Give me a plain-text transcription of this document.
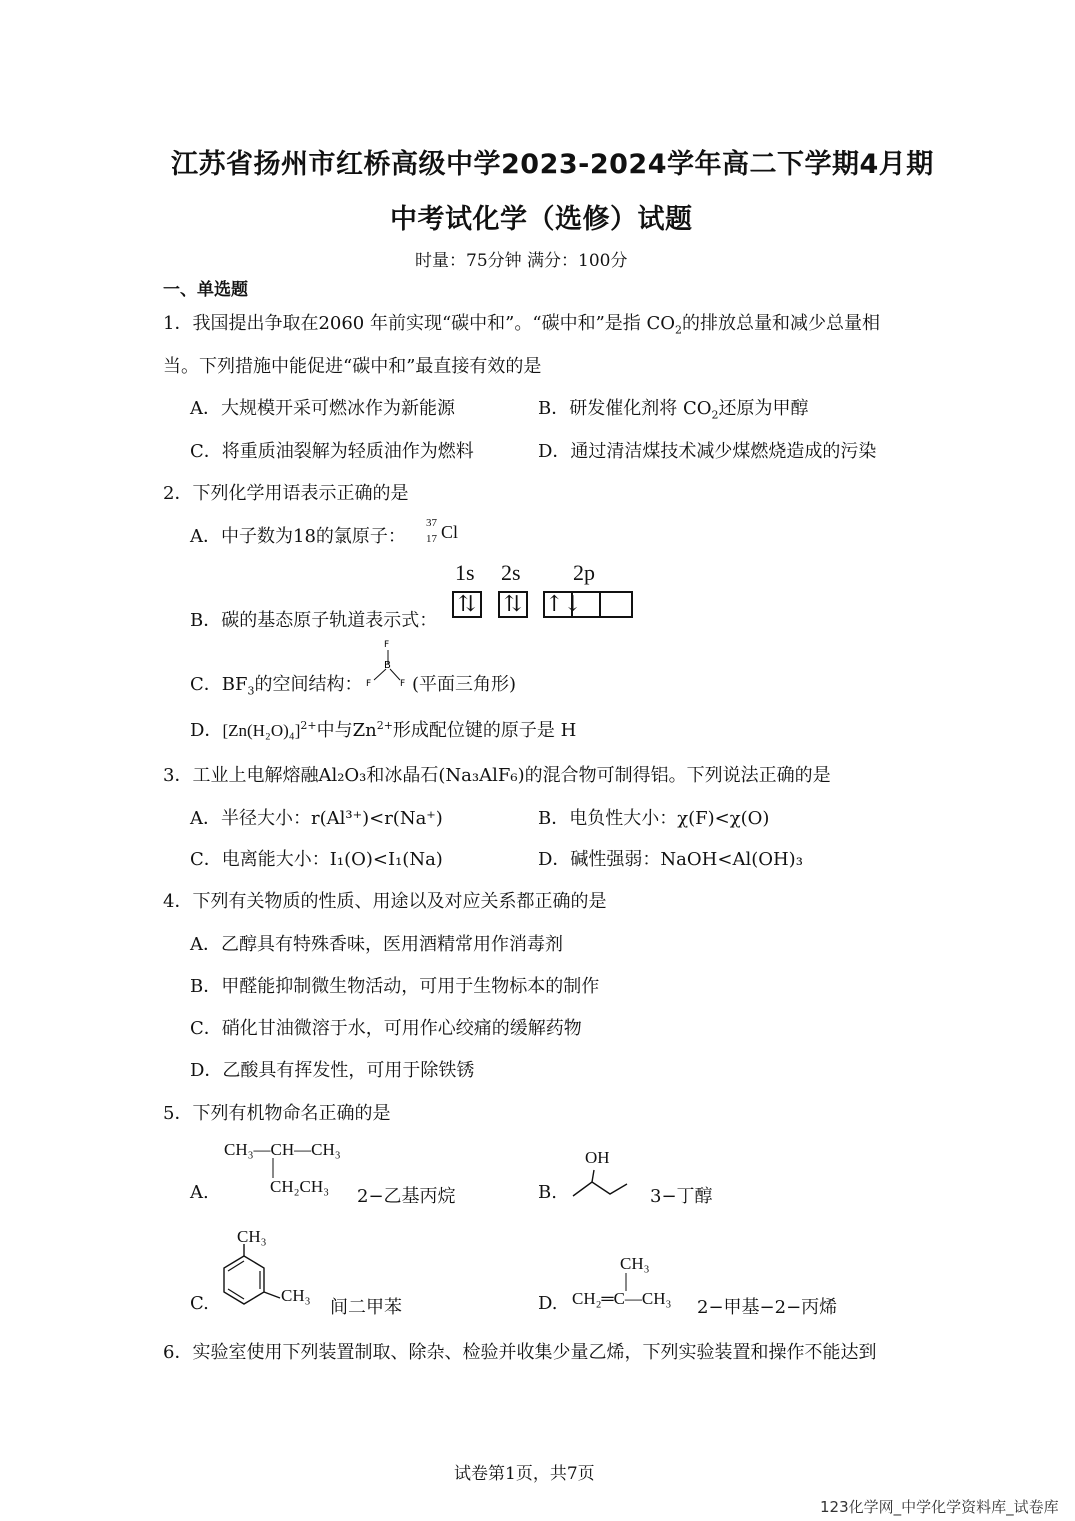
江苏省扬州市红桥高级中学2023-2024学年高二下学期4月期
中考试化学（选修）试题
时量：75分钟 满分：100分
一、单选题
1．我国提出争取在2060 年前实现“碳中和”。“碳中和”是指 $CO_2$的排放总量和减少总量相
当。下列措施中能促进“碳中和”最直接有效的是
A．大规模开采可燃冰作为新能源	B．研发催化剂将 $CO_2$还原为甲醇
C．将重质油裂解为轻质油作为燃料	D．通过清洁煤技术减少煤燃烧造成的污染
2．下列化学用语表示正确的是
A．中子数为18的氯原子：
37
17 Cl
1s 2s 2p
B．碳的基态原子轨道表示式：
⇅ ⇅ ↑↓
C．$BF_3$的空间结构：
F
B
F	F (平面三角形)
D．$[Zn(H_2O)_4]^{2+}$中与$Zn^{2+}$形成配位键的原子是 H
3．工业上电解熔融Al₂O₃和冰晶石(Na₃AlF₆)的混合物可制得铝。下列说法正确的是
A．半径大小：r(Al³⁺)<r(Na⁺)	B．电负性大小：χ(F)<χ(O)
C．电离能大小：I₁(O)<I₁(Na)	D．碱性强弱：NaOH<Al(OH)₃
4．下列有关物质的性质、用途以及对应关系都正确的是
A．乙醇具有特殊香味，医用酒精常用作消毒剂
B．甲醛能抑制微生物活动，可用于生物标本的制作
C．硝化甘油微溶于水，可用作心绞痛的缓解药物
D．乙酸具有挥发性，可用于除铁锈
5．下列有机物命名正确的是
CH₃—CH—CH₃
CH₂CH₃
A.	2−乙基丙烷	B.
OH
3−丁醇
C.
CH₃
CH₃
间二甲苯	D.
CH₃
CH₂═C—CH₃ 2−甲基−2−丙烯
6．实验室使用下列装置制取、除杂、检验并收集少量乙烯，下列实验装置和操作不能达到
试卷第1页，共7页
123化学网_中学化学资料库_试卷库
